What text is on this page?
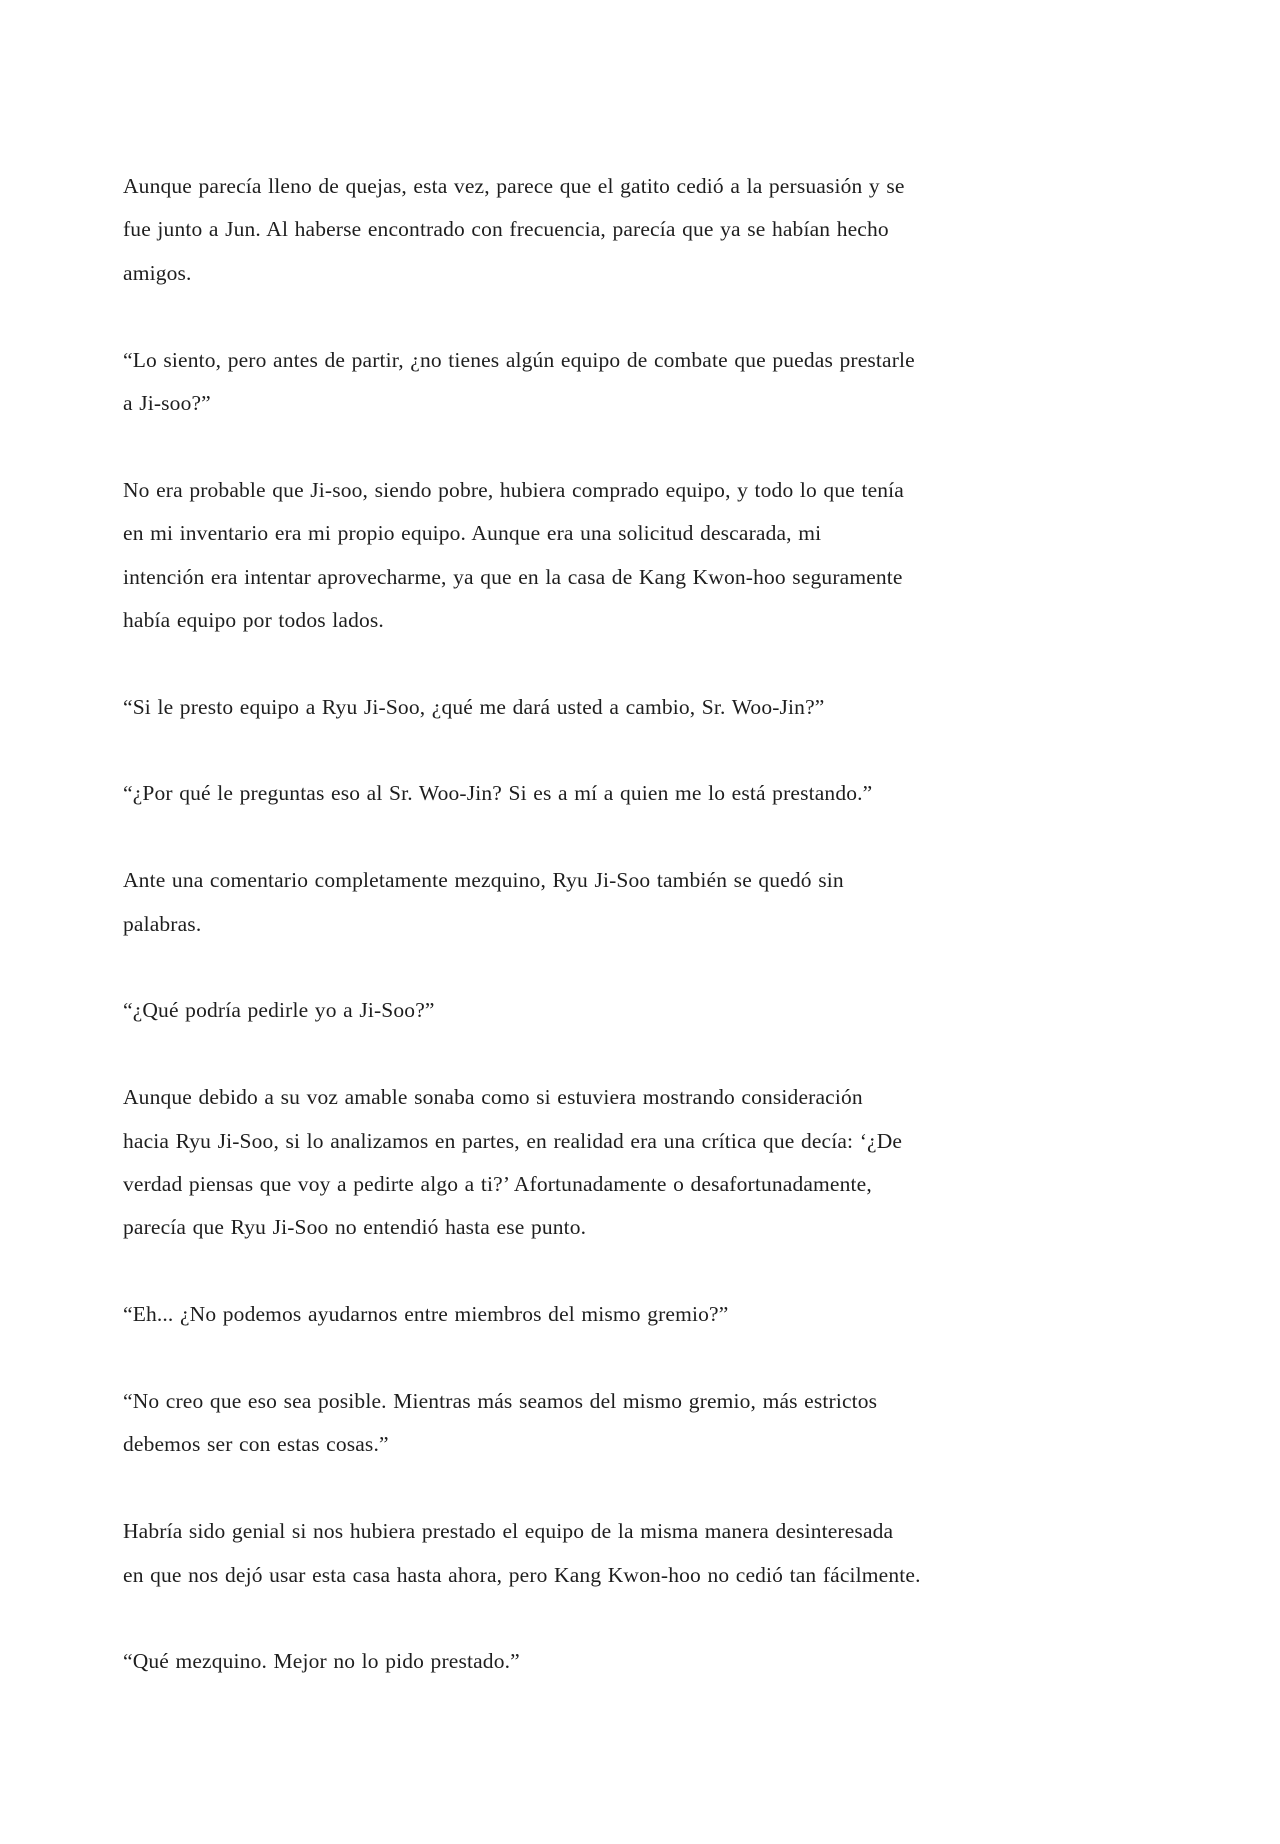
Aunque parecía lleno de quejas, esta vez, parece que el gatito cedió a la persuasión y se
fue junto a Jun. Al haberse encontrado con frecuencia, parecía que ya se habían hecho
amigos.

“Lo siento, pero antes de partir, ¿no tienes algún equipo de combate que puedas prestarle
a Ji-soo?”

No era probable que Ji-soo, siendo pobre, hubiera comprado equipo, y todo lo que tenía
en mi inventario era mi propio equipo. Aunque era una solicitud descarada, mi
intención era intentar aprovecharme, ya que en la casa de Kang Kwon-hoo seguramente
había equipo por todos lados.

“Si le presto equipo a Ryu Ji-Soo, ¿qué me dará usted a cambio, Sr. Woo-Jin?”

“¿Por qué le preguntas eso al Sr. Woo-Jin? Si es a mí a quien me lo está prestando.”

Ante una comentario completamente mezquino, Ryu Ji-Soo también se quedó sin
palabras.

“¿Qué podría pedirle yo a Ji-Soo?”

Aunque debido a su voz amable sonaba como si estuviera mostrando consideración
hacia Ryu Ji-Soo, si lo analizamos en partes, en realidad era una crítica que decía: ‘¿De
verdad piensas que voy a pedirte algo a ti?’ Afortunadamente o desafortunadamente,
parecía que Ryu Ji-Soo no entendió hasta ese punto.

“Eh... ¿No podemos ayudarnos entre miembros del mismo gremio?”

“No creo que eso sea posible. Mientras más seamos del mismo gremio, más estrictos
debemos ser con estas cosas.”

Habría sido genial si nos hubiera prestado el equipo de la misma manera desinteresada
en que nos dejó usar esta casa hasta ahora, pero Kang Kwon-hoo no cedió tan fácilmente.

“Qué mezquino. Mejor no lo pido prestado.”
